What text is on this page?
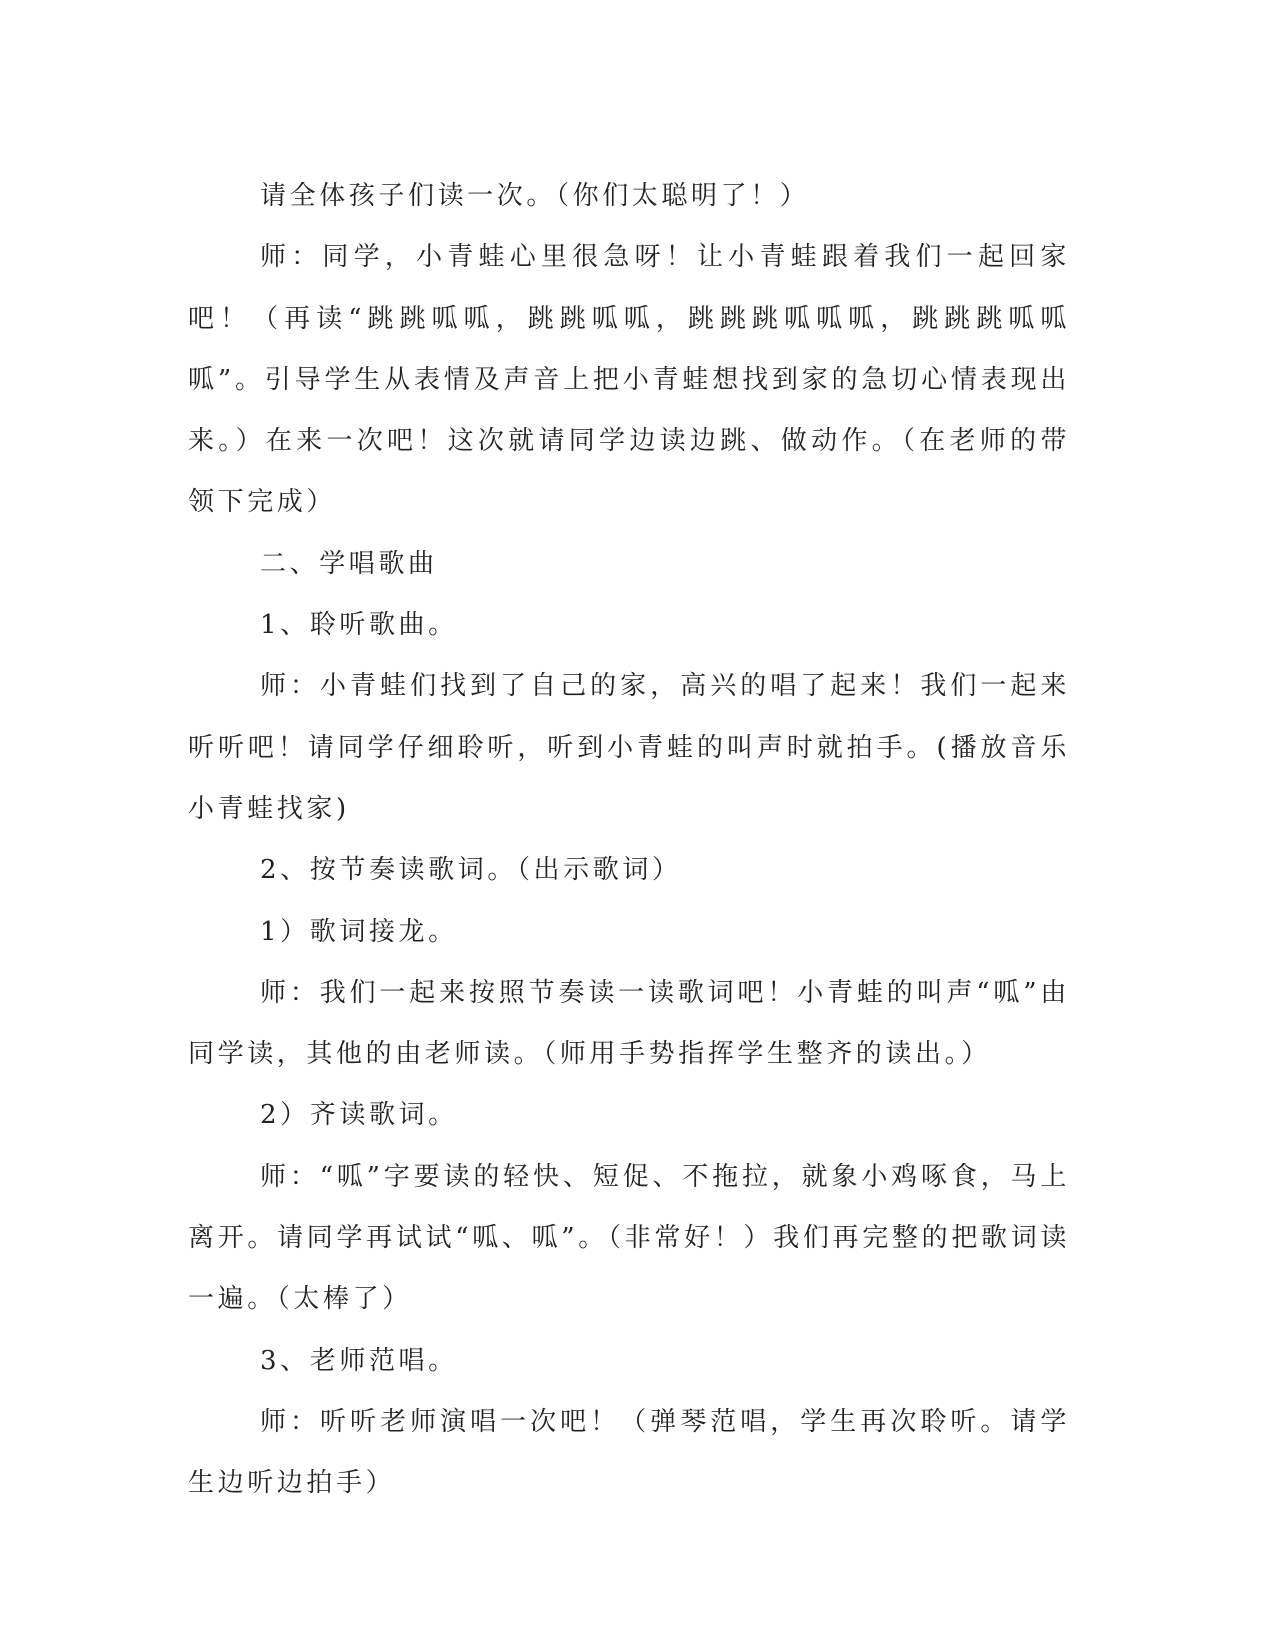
请全体孩子们读一次。（你们太聪明了！）

师：同学，小青蛙心里很急呀！让小青蛙跟着我们一起回家吧！（再读“跳跳呱呱，跳跳呱呱，跳跳跳呱呱呱，跳跳跳呱呱呱”。引导学生从表情及声音上把小青蛙想找到家的急切心情表现出来。）在来一次吧！这次就请同学边读边跳、做动作。（在老师的带领下完成）

二、学唱歌曲

1、聆听歌曲。

师：小青蛙们找到了自己的家，高兴的唱了起来！我们一起来听听吧！请同学仔细聆听，听到小青蛙的叫声时就拍手。(播放音乐小青蛙找家)

2、按节奏读歌词。（出示歌词）

1）歌词接龙。

师：我们一起来按照节奏读一读歌词吧！小青蛙的叫声“呱”由同学读，其他的由老师读。（师用手势指挥学生整齐的读出。）

2）齐读歌词。

师：“呱”字要读的轻快、短促、不拖拉，就象小鸡啄食，马上离开。请同学再试试“呱、呱”。（非常好！）我们再完整的把歌词读一遍。（太棒了）

3、老师范唱。

师：听听老师演唱一次吧！（弹琴范唱，学生再次聆听。请学生边听边拍手）
